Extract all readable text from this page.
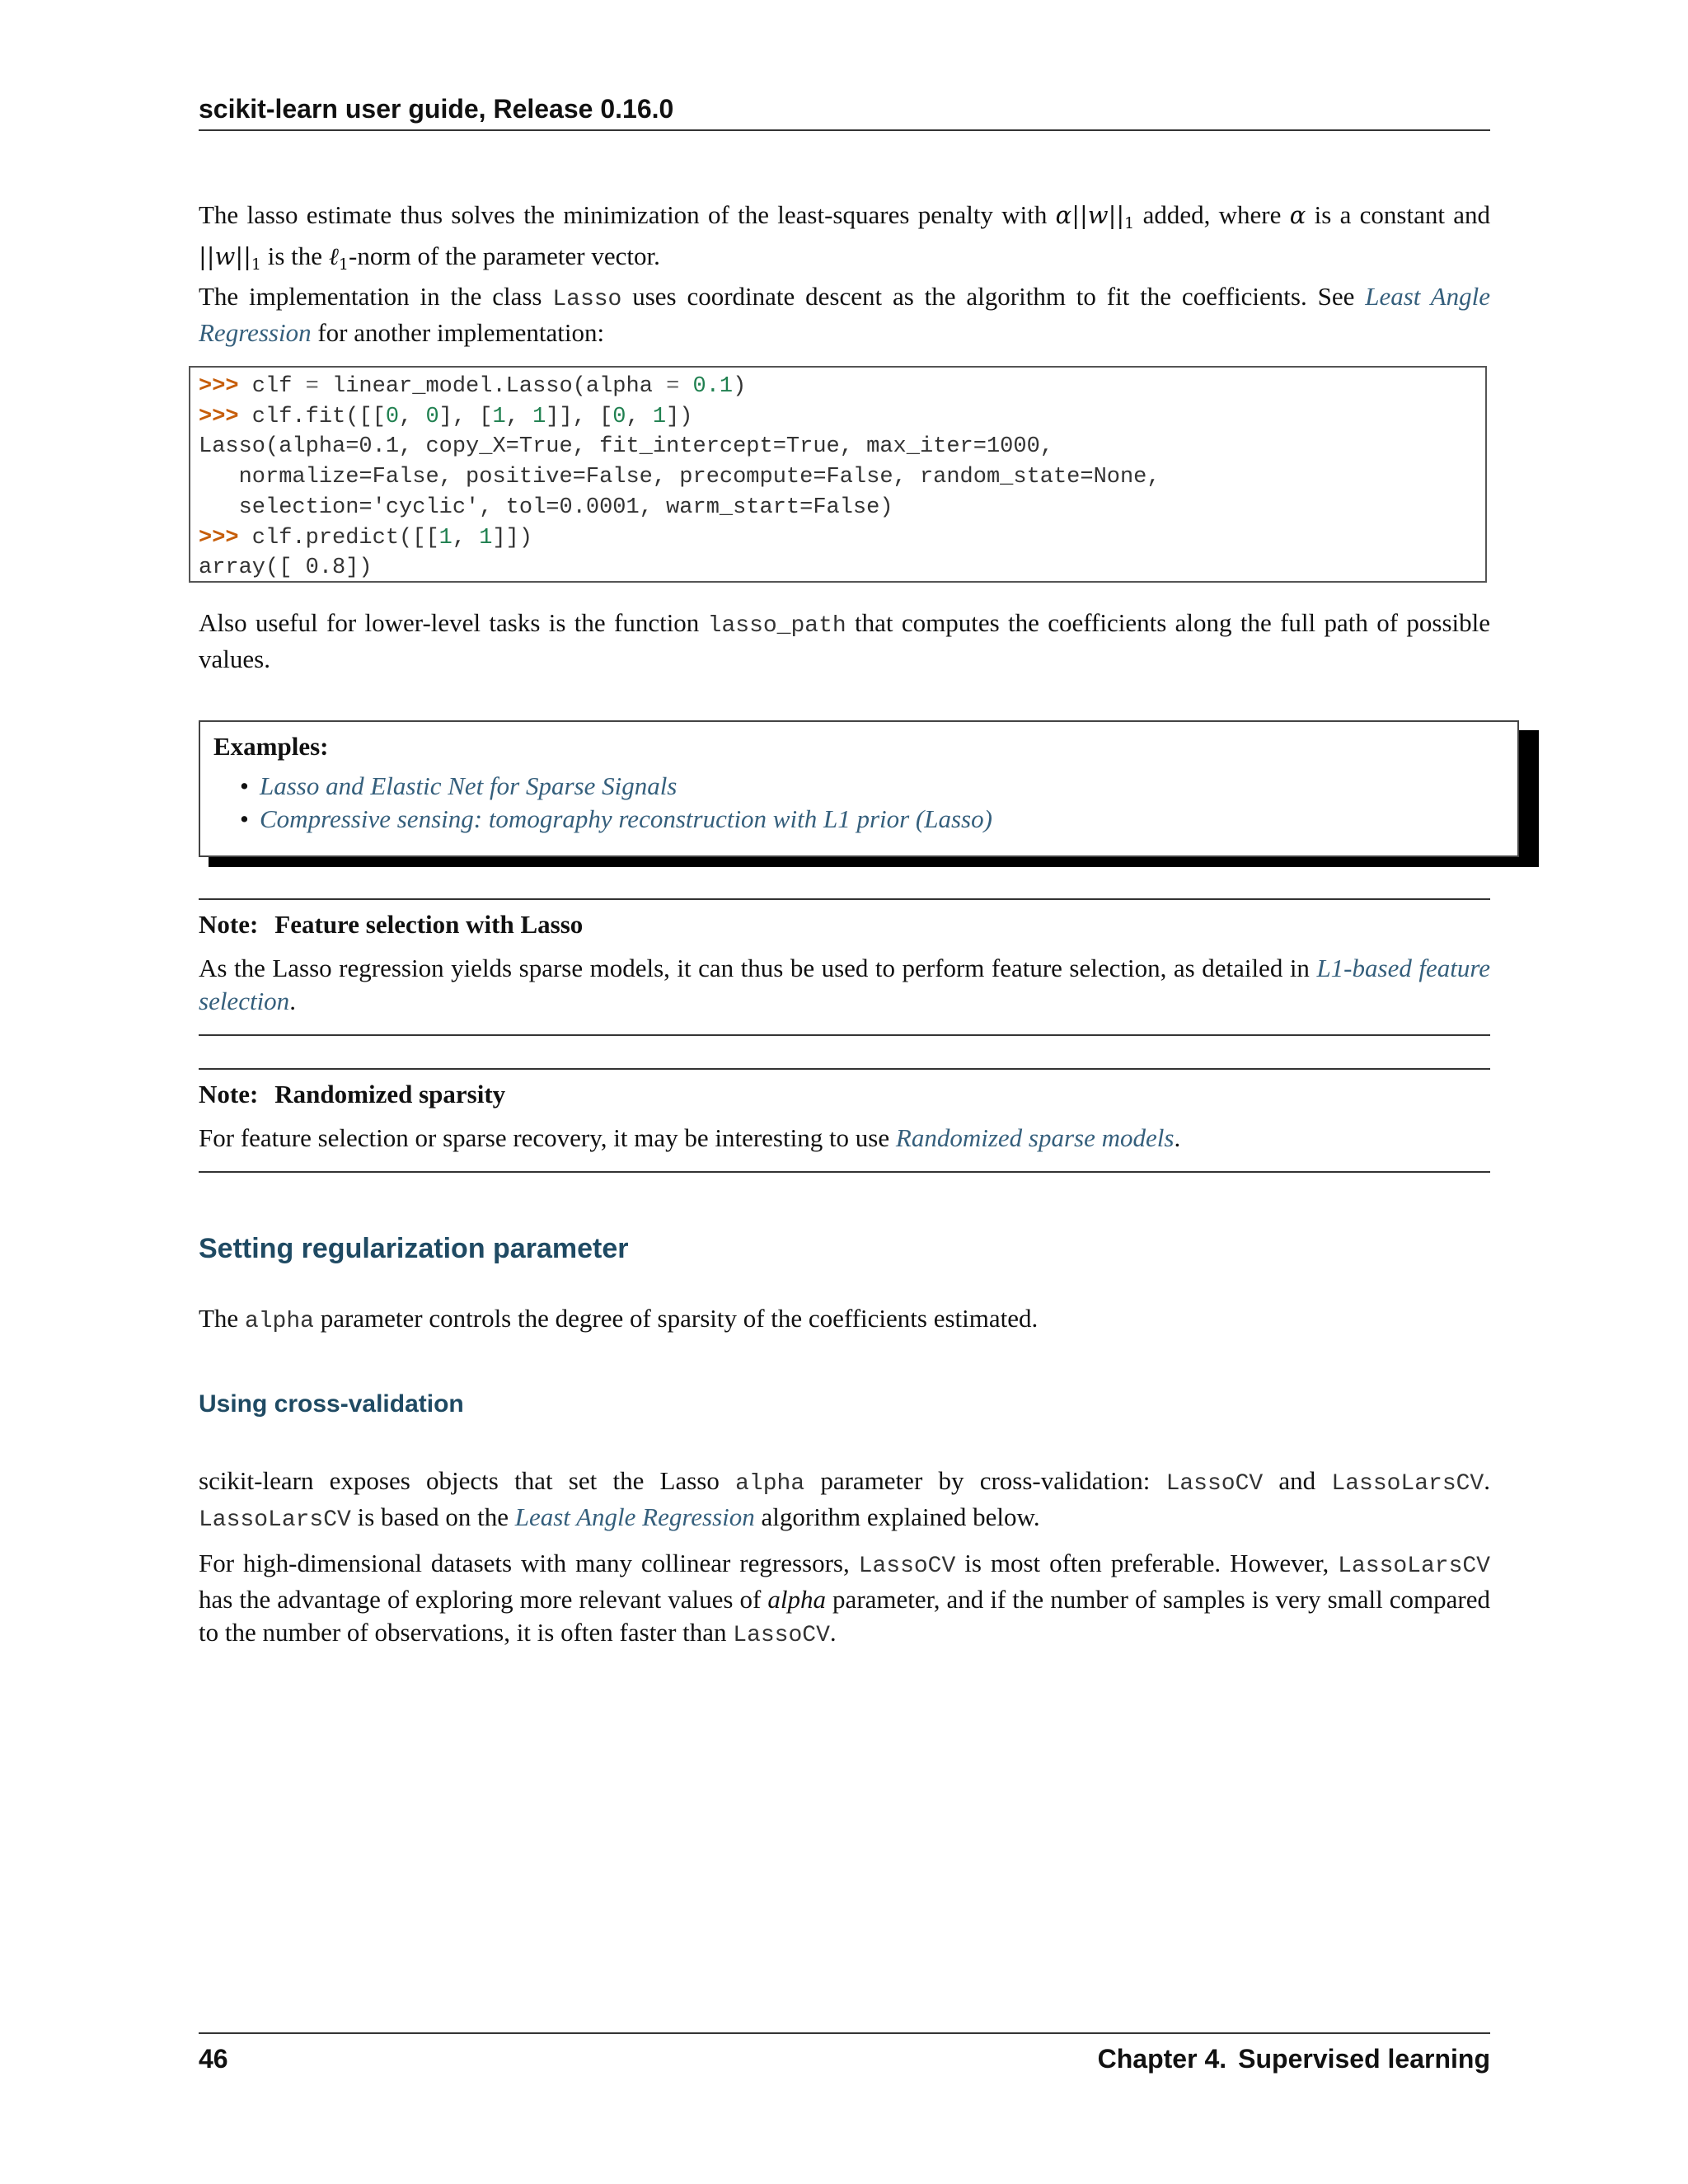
scikit-learn user guide, Release 0.16.0
The lasso estimate thus solves the minimization of the least-squares penalty with $\alpha||w||_1$ added, where α is a constant and $||w||_1$ is the ℓ$_1$-norm of the parameter vector.
The implementation in the class Lasso uses coordinate descent as the algorithm to fit the coefficients. See Least Angle Regression for another implementation:
>>> clf = linear_model.Lasso(alpha = 0.1)
>>> clf.fit([[0, 0], [1, 1]], [0, 1])
Lasso(alpha=0.1, copy_X=True, fit_intercept=True, max_iter=1000,
normalize=False, positive=False, precompute=False, random_state=None,
selection='cyclic', tol=0.0001, warm_start=False)
>>> clf.predict([[1, 1]])
array([ 0.8])
Also useful for lower-level tasks is the function lasso_path that computes the coefficients along the full path of possible values.
Examples:
• Lasso and Elastic Net for Sparse Signals
• Compressive sensing: tomography reconstruction with L1 prior (Lasso)
Note: Feature selection with Lasso
As the Lasso regression yields sparse models, it can thus be used to perform feature selection, as detailed in L1-based feature selection.
Note: Randomized sparsity
For feature selection or sparse recovery, it may be interesting to use Randomized sparse models.
Setting regularization parameter
The alpha parameter controls the degree of sparsity of the coefficients estimated.
Using cross-validation
scikit-learn exposes objects that set the Lasso alpha parameter by cross-validation: LassoCV and LassoLarsCV. LassoLarsCV is based on the Least Angle Regression algorithm explained below.
For high-dimensional datasets with many collinear regressors, LassoCV is most often preferable. However, LassoLarsCV has the advantage of exploring more relevant values of alpha parameter, and if the number of samples is very small compared to the number of observations, it is often faster than LassoCV.
46	Chapter 4. Supervised learning
